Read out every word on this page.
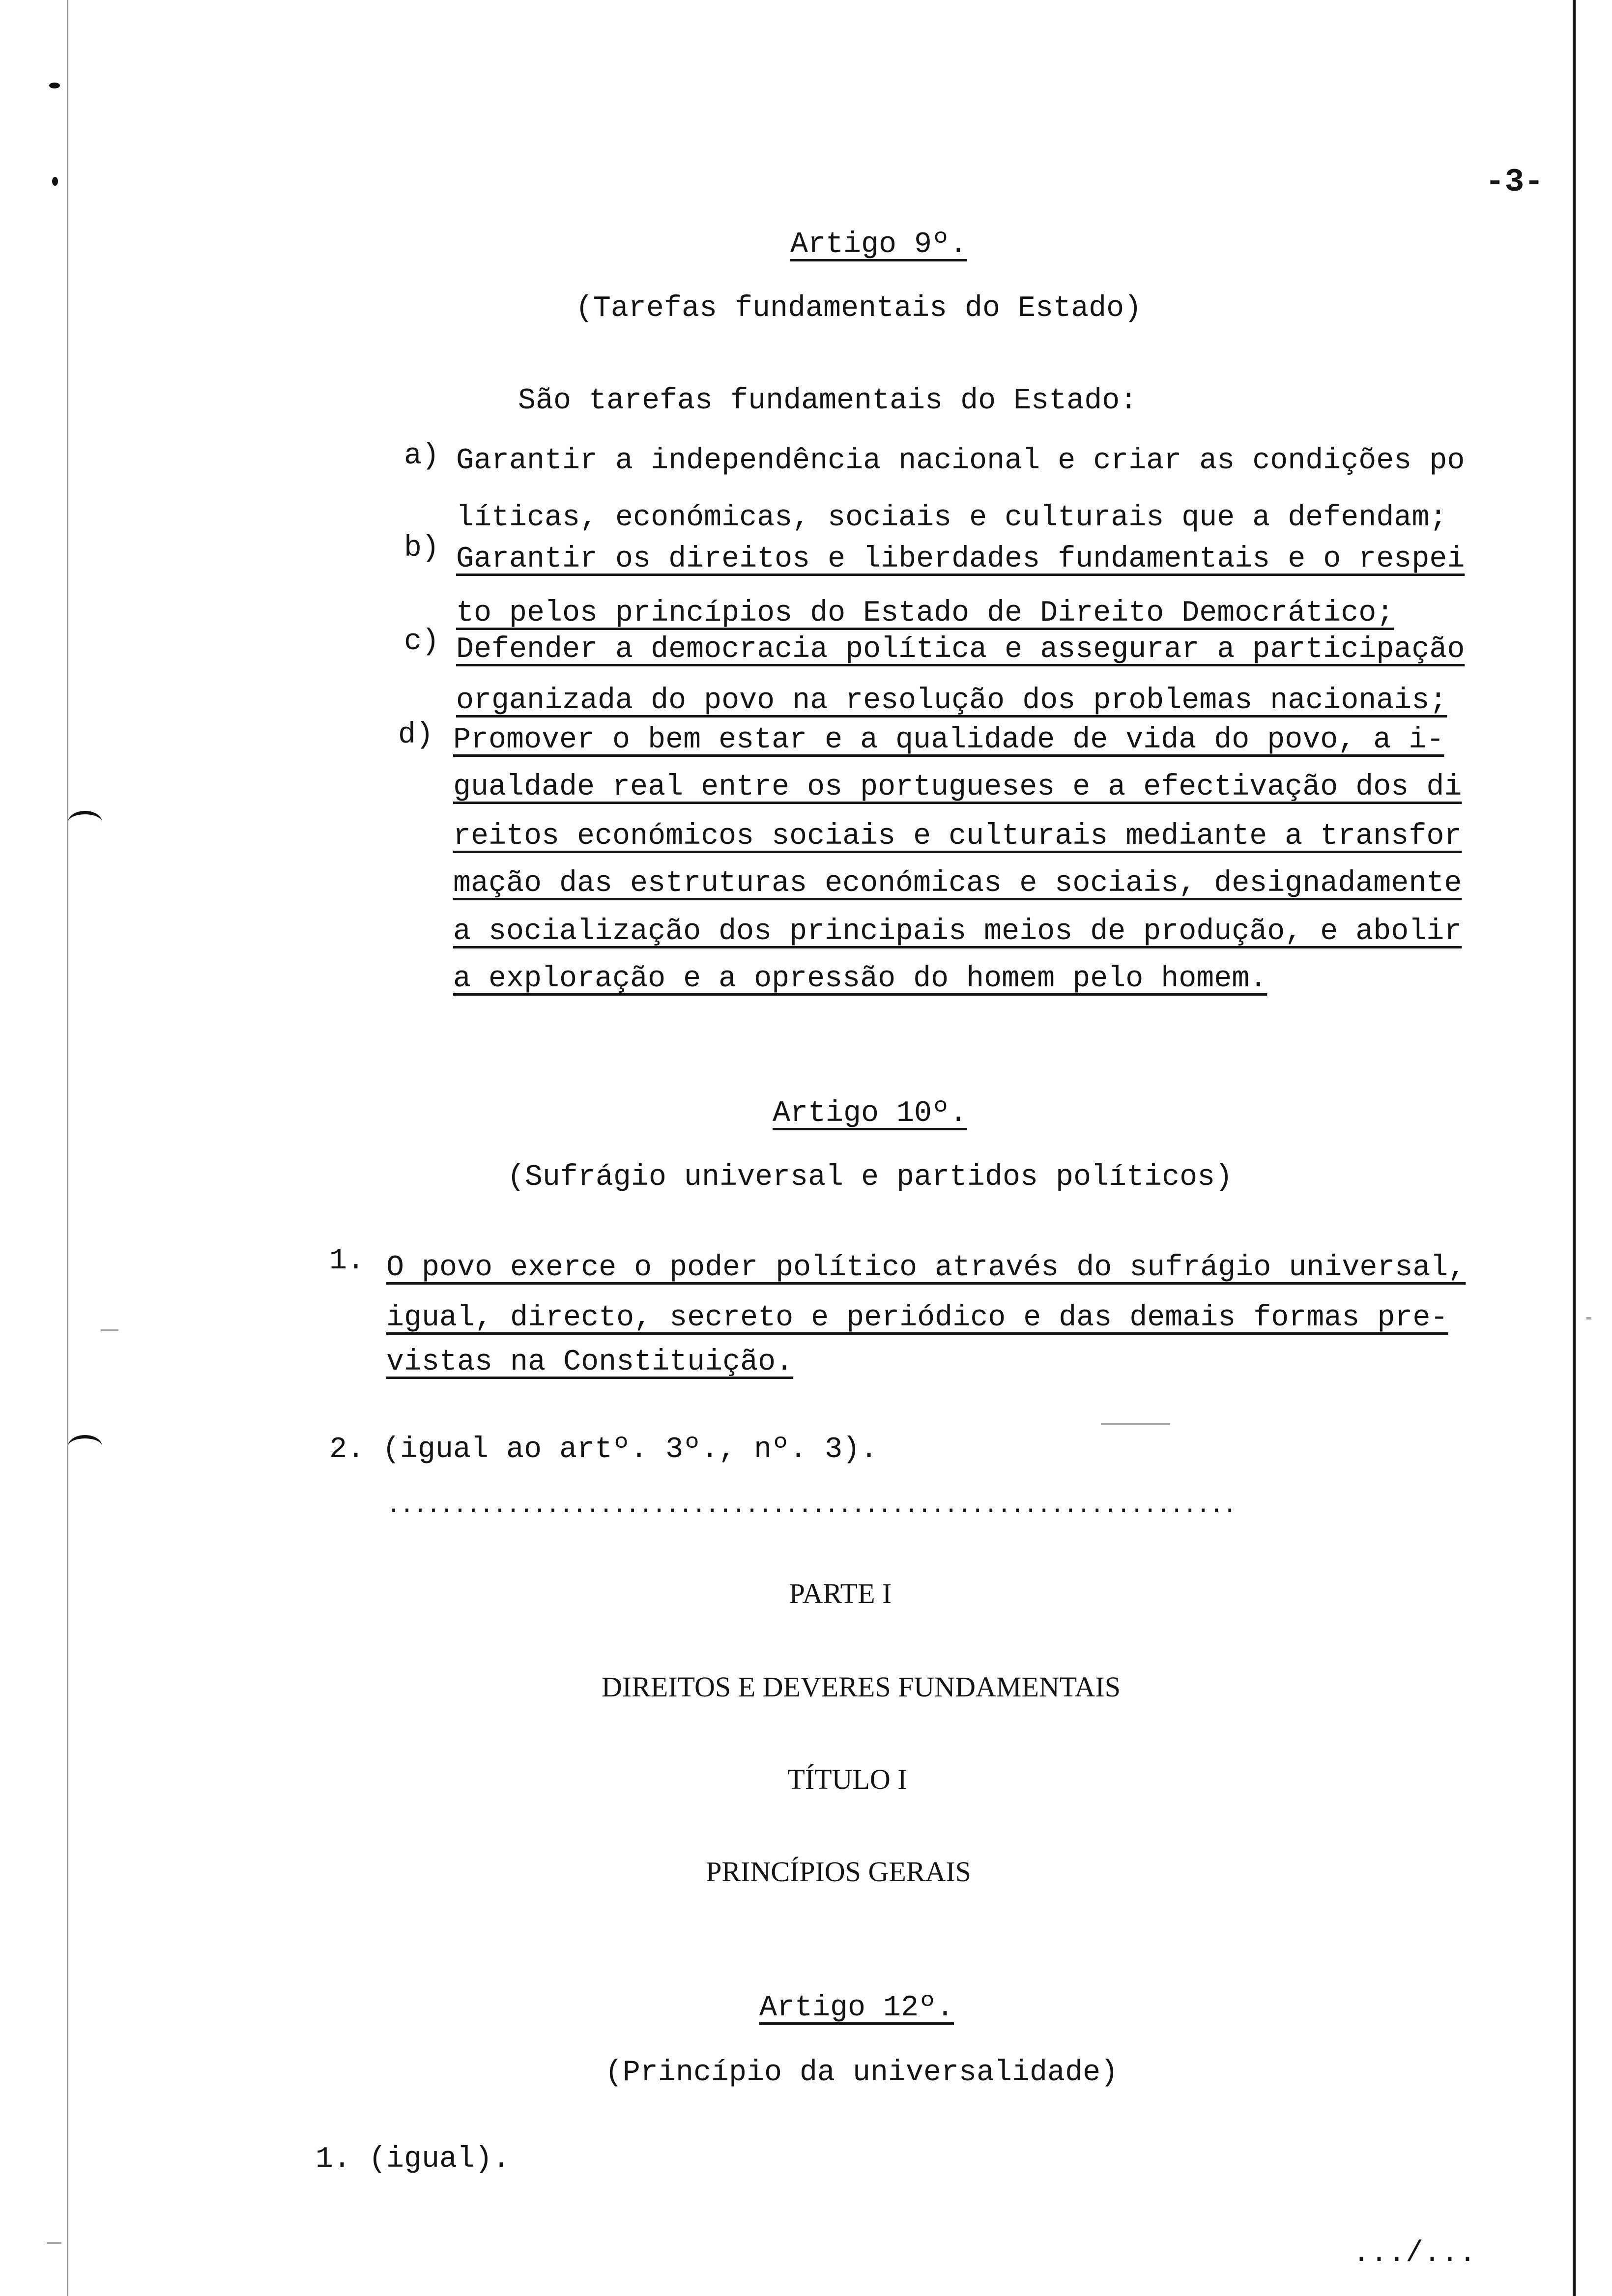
-3-
Artigo 9º.
(Tarefas fundamentais do Estado)
São tarefas fundamentais do Estado:
a) Garantir a independência nacional e criar as condições po
líticas, económicas, sociais e culturais que a defendam;
b) Garantir os direitos e liberdades fundamentais e o respei
to pelos princípios do Estado de Direito Democrático;
c) Defender a democracia política e assegurar a participação
organizada do povo na resolução dos problemas nacionais;
d) Promover o bem estar e a qualidade de vida do povo, a i-
gualdade real entre os portugueses e a efectivação dos di
reitos económicos sociais e culturais mediante a transfor
mação das estruturas económicas e sociais, designadamente
a socialização dos principais meios de produção, e abolir
a exploração e a opressão do homem pelo homem.
Artigo 10º.
(Sufrágio universal e partidos políticos)
1. O povo exerce o poder político através do sufrágio universal,
igual, directo, secreto e periódico e das demais formas pre-
vistas na Constituição.
2. (igual ao artº. 3º., nº. 3).
................................................................
PARTE I
DIREITOS E DEVERES FUNDAMENTAIS
TÍTULO I
PRINCÍPIOS GERAIS
Artigo 12º.
(Princípio da universalidade)
1. (igual).
.../...
